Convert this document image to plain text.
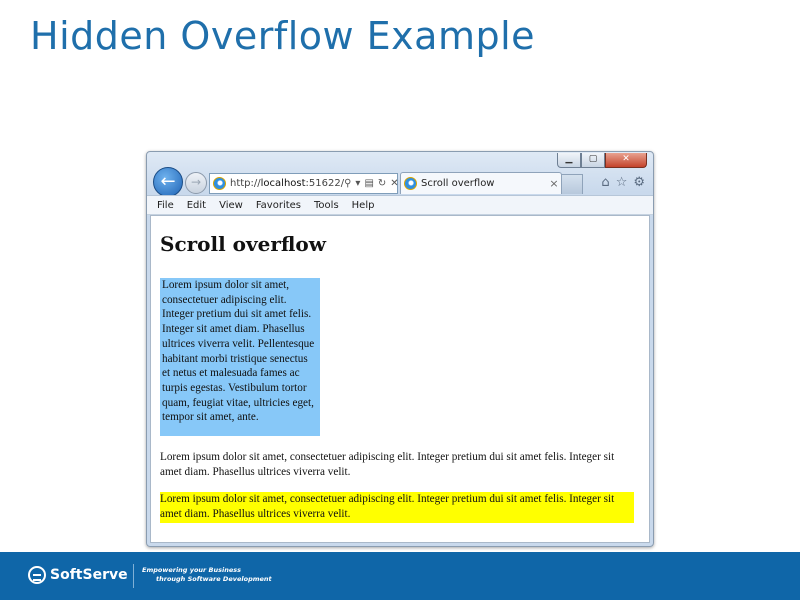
Hidden Overflow Example
▁	▢	✕
←	→	http://localhost:51622/ ⚲ ▾ ▤ ↻ ✕ Scroll overflow	×	⌂ ☆ ⚙
File Edit View Favorites Tools Help
Scroll overflow
Lorem ipsum dolor sit amet, consectetuer adipiscing elit. Integer pretium dui sit amet felis. Integer sit amet diam. Phasellus ultrices viverra velit. Pellentesque habitant morbi tristique senectus et netus et malesuada fames ac turpis egestas. Vestibulum tortor quam, feugiat vitae, ultricies eget, tempor sit amet, ante.
Lorem ipsum dolor sit amet, consectetuer adipiscing elit. Integer pretium dui sit amet felis. Integer sit amet diam. Phasellus ultrices viverra velit.
Lorem ipsum dolor sit amet, consectetuer adipiscing elit. Integer pretium dui sit amet felis. Integer sit amet diam. Phasellus ultrices viverra velit.
SoftServe Empowering your Business
through Software Development
